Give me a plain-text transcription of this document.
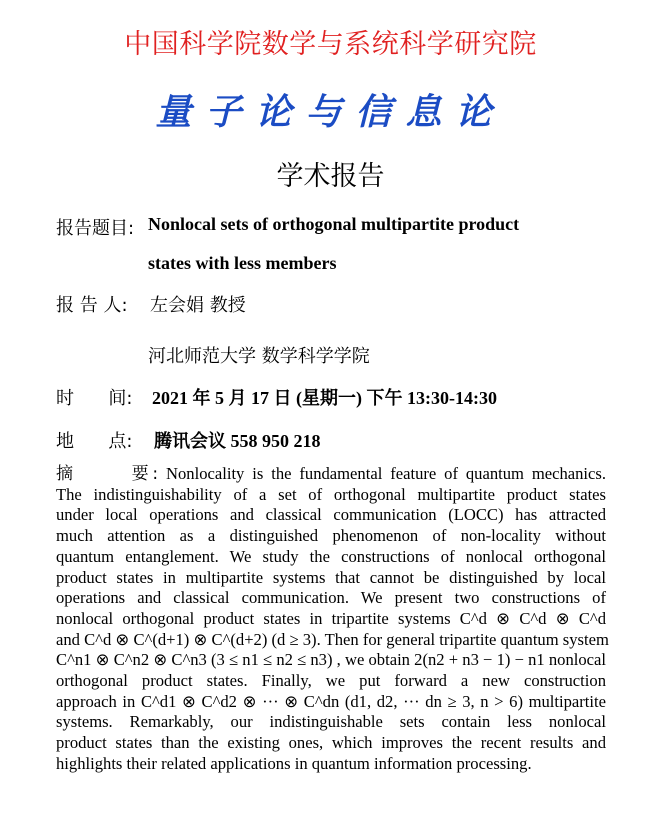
中国科学院数学与系统科学研究院
量子论与信息论
学术报告
报告题目: Nonlocal sets of orthogonal multipartite product
states with less members
报 告 人: 左会娟 教授
河北师范大学 数学科学学院
时      间: 2021 年 5 月 17 日 (星期一) 下午 13:30-14:30
地      点: 腾讯会议 558 950 218
摘      要: Nonlocality is the fundamental feature of quantum mechanics.
The indistinguishability of a set of orthogonal multipartite product states
under local operations and classical communication (LOCC) has attracted
much attention as a distinguished phenomenon of non-locality without
quantum entanglement. We study the constructions of nonlocal orthogonal
product states in multipartite systems that cannot be distinguished by local
operations and classical communication. We present two constructions of
nonlocal orthogonal product states in tripartite systems C^d ⊗ C^d ⊗ C^d
and C^d ⊗ C^(d+1) ⊗ C^(d+2) (d ≥ 3). Then for general tripartite quantum system
C^n1 ⊗ C^n2 ⊗ C^n3 (3 ≤ n1 ≤ n2 ≤ n3) , we obtain 2(n2 + n3 − 1) − n1 nonlocal
orthogonal product states. Finally, we put forward a new construction
approach in C^d1 ⊗ C^d2 ⊗ ··· ⊗ C^dn (d1, d2, ··· dn ≥ 3, n > 6) multipartite
systems. Remarkably, our indistinguishable sets contain less nonlocal
product states than the existing ones, which improves the recent results and
highlights their related applications in quantum information processing.
